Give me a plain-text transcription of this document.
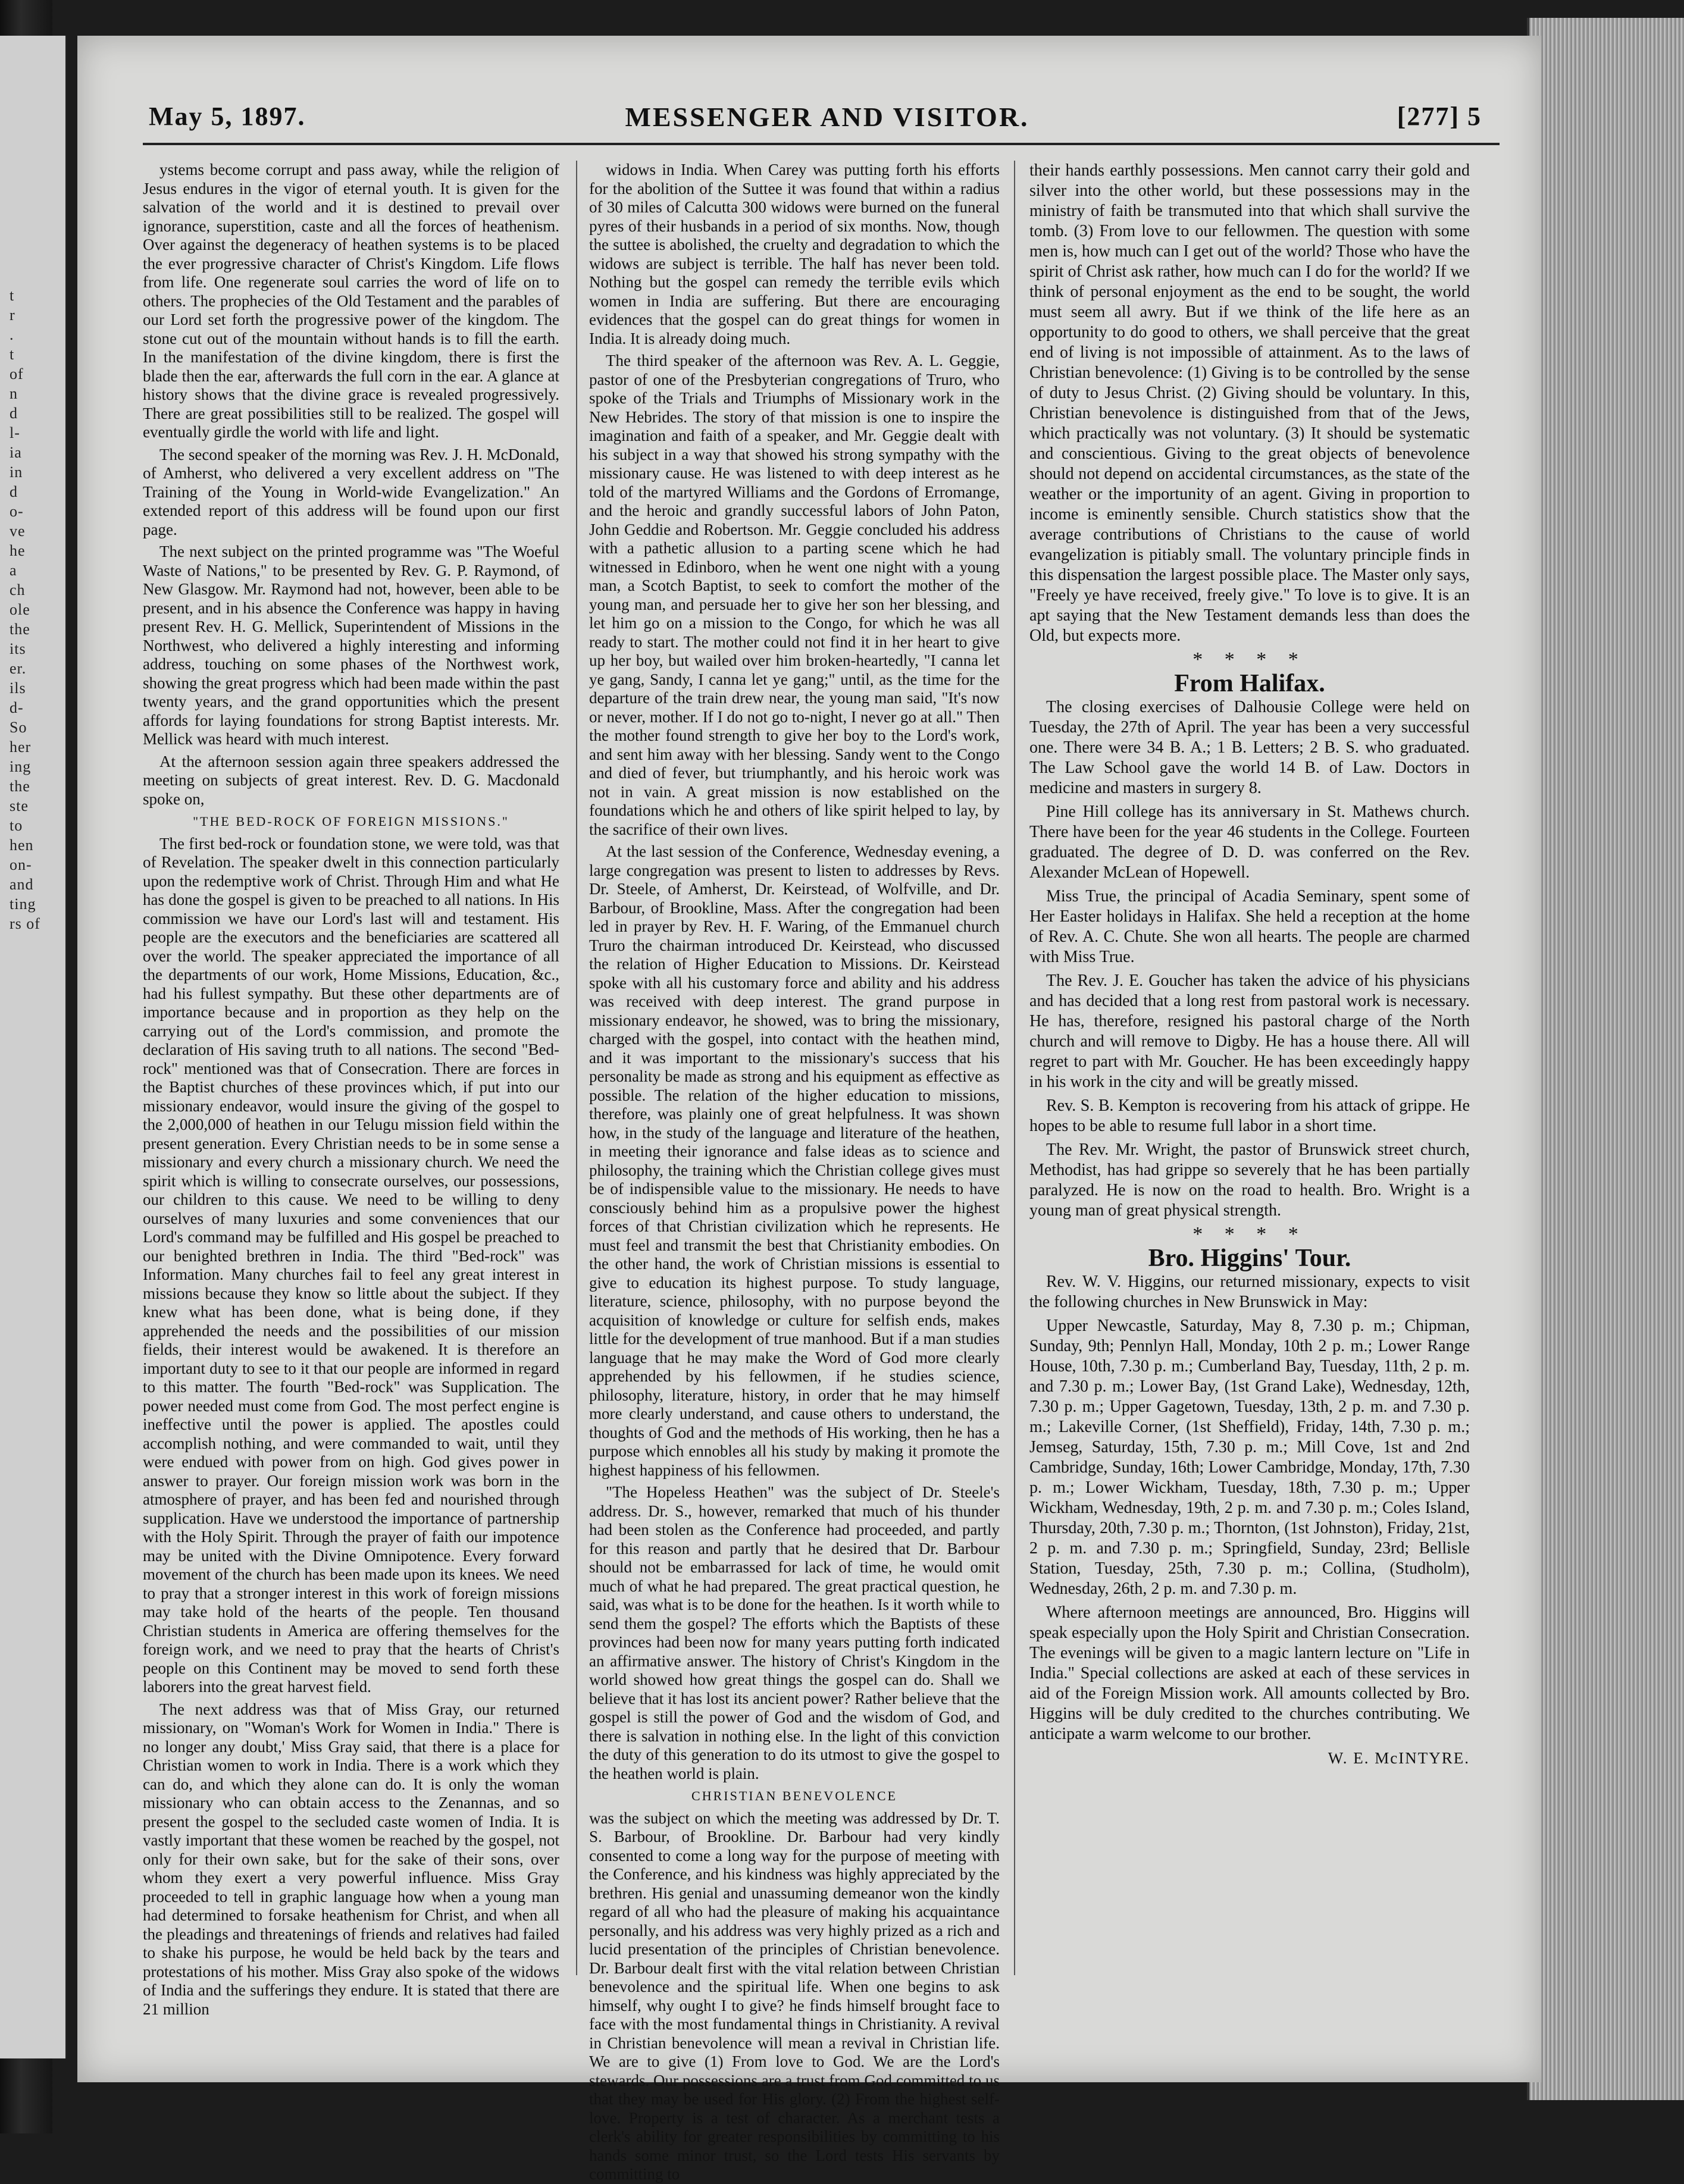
t
r
.
t
of
n
d
l-
ia
in
d
o-
ve
he
a
ch
ole
the
its
er.
ils
d-
So
her
ing
the
ste
to
hen
on-
and
ting
rs of
May 5, 1897.	MESSENGER AND VISITOR.	[277] 5

ystems become corrupt and pass away, while the religion of Jesus endures in the vigor of eternal youth. It is given for the salvation of the world and it is destined to prevail over ignorance, superstition, caste and all the forces of heathenism. Over against the degeneracy of heathen systems is to be placed the ever progressive character of Christ's Kingdom. Life flows from life. One regenerate soul carries the word of life on to others. The prophecies of the Old Testament and the parables of our Lord set forth the progressive power of the kingdom. The stone cut out of the mountain without hands is to fill the earth. In the manifestation of the divine kingdom, there is first the blade then the ear, afterwards the full corn in the ear. A glance at history shows that the divine grace is revealed progressively. There are great possibilities still to be realized. The gospel will eventually girdle the world with life and light.

The second speaker of the morning was Rev. J. H. McDonald, of Amherst, who delivered a very excellent address on "The Training of the Young in World-wide Evangelization." An extended report of this address will be found upon our first page.

The next subject on the printed programme was "The Woeful Waste of Nations," to be presented by Rev. G. P. Raymond, of New Glasgow. Mr. Raymond had not, however, been able to be present, and in his absence the Conference was happy in having present Rev. H. G. Mellick, Superintendent of Missions in the Northwest, who delivered a highly interesting and informing address, touching on some phases of the Northwest work, showing the great progress which had been made within the past twenty years, and the grand opportunities which the present affords for laying foundations for strong Baptist interests. Mr. Mellick was heard with much interest.

At the afternoon session again three speakers addressed the meeting on subjects of great interest. Rev. D. G. Macdonald spoke on,

"THE BED-ROCK OF FOREIGN MISSIONS."

The first bed-rock or foundation stone, we were told, was that of Revelation. The speaker dwelt in this connection particularly upon the redemptive work of Christ. Through Him and what He has done the gospel is given to be preached to all nations. In His commission we have our Lord's last will and testament. His people are the executors and the beneficiaries are scattered all over the world. The speaker appreciated the importance of all the departments of our work, Home Missions, Education, &c., had his fullest sympathy. But these other departments are of importance because and in proportion as they help on the carrying out of the Lord's commission, and promote the declaration of His saving truth to all nations. The second "Bed-rock" mentioned was that of Consecration. There are forces in the Baptist churches of these provinces which, if put into our missionary endeavor, would insure the giving of the gospel to the 2,000,000 of heathen in our Telugu mission field within the present generation. Every Christian needs to be in some sense a missionary and every church a missionary church. We need the spirit which is willing to consecrate ourselves, our possessions, our children to this cause. We need to be willing to deny ourselves of many luxuries and some conveniences that our Lord's command may be fulfilled and His gospel be preached to our benighted brethren in India. The third "Bed-rock" was Information. Many churches fail to feel any great interest in missions because they know so little about the subject. If they knew what has been done, what is being done, if they apprehended the needs and the possibilities of our mission fields, their interest would be awakened. It is therefore an important duty to see to it that our people are informed in regard to this matter. The fourth "Bed-rock" was Supplication. The power needed must come from God. The most perfect engine is ineffective until the power is applied. The apostles could accomplish nothing, and were commanded to wait, until they were endued with power from on high. God gives power in answer to prayer. Our foreign mission work was born in the atmosphere of prayer, and has been fed and nourished through supplication. Have we understood the importance of partnership with the Holy Spirit. Through the prayer of faith our impotence may be united with the Divine Omnipotence. Every forward movement of the church has been made upon its knees. We need to pray that a stronger interest in this work of foreign missions may take hold of the hearts of the people. Ten thousand Christian students in America are offering themselves for the foreign work, and we need to pray that the hearts of Christ's people on this Continent may be moved to send forth these laborers into the great harvest field.

The next address was that of Miss Gray, our returned missionary, on "Woman's Work for Women in India." There is no longer any doubt,' Miss Gray said, that there is a place for Christian women to work in India. There is a work which they can do, and which they alone can do. It is only the woman missionary who can obtain access to the Zenannas, and so present the gospel to the secluded caste women of India. It is vastly important that these women be reached by the gospel, not only for their own sake, but for the sake of their sons, over whom they exert a very powerful influence. Miss Gray proceeded to tell in graphic language how when a young man had determined to forsake heathenism for Christ, and when all the pleadings and threatenings of friends and relatives had failed to shake his purpose, he would be held back by the tears and protestations of his mother. Miss Gray also spoke of the widows of India and the sufferings they endure. It is stated that there are 21 million

widows in India. When Carey was putting forth his efforts for the abolition of the Suttee it was found that within a radius of 30 miles of Calcutta 300 widows were burned on the funeral pyres of their husbands in a period of six months. Now, though the suttee is abolished, the cruelty and degradation to which the widows are subject is terrible. The half has never been told. Nothing but the gospel can remedy the terrible evils which women in India are suffering. But there are encouraging evidences that the gospel can do great things for women in India. It is already doing much.

The third speaker of the afternoon was Rev. A. L. Geggie, pastor of one of the Presbyterian congregations of Truro, who spoke of the Trials and Triumphs of Missionary work in the New Hebrides. The story of that mission is one to inspire the imagination and faith of a speaker, and Mr. Geggie dealt with his subject in a way that showed his strong sympathy with the missionary cause. He was listened to with deep interest as he told of the martyred Williams and the Gordons of Erromange, and the heroic and grandly successful labors of John Paton, John Geddie and Robertson. Mr. Geggie concluded his address with a pathetic allusion to a parting scene which he had witnessed in Edinboro, when he went one night with a young man, a Scotch Baptist, to seek to comfort the mother of the young man, and persuade her to give her son her blessing, and let him go on a mission to the Congo, for which he was all ready to start. The mother could not find it in her heart to give up her boy, but wailed over him broken-heartedly, "I canna let ye gang, Sandy, I canna let ye gang;" until, as the time for the departure of the train drew near, the young man said, "It's now or never, mother. If I do not go to-night, I never go at all." Then the mother found strength to give her boy to the Lord's work, and sent him away with her blessing. Sandy went to the Congo and died of fever, but triumphantly, and his heroic work was not in vain. A great mission is now established on the foundations which he and others of like spirit helped to lay, by the sacrifice of their own lives.

At the last session of the Conference, Wednesday evening, a large congregation was present to listen to addresses by Revs. Dr. Steele, of Amherst, Dr. Keirstead, of Wolfville, and Dr. Barbour, of Brookline, Mass. After the congregation had been led in prayer by Rev. H. F. Waring, of the Emmanuel church Truro the chairman introduced Dr. Keirstead, who discussed the relation of Higher Education to Missions. Dr. Keirstead spoke with all his customary force and ability and his address was received with deep interest. The grand purpose in missionary endeavor, he showed, was to bring the missionary, charged with the gospel, into contact with the heathen mind, and it was important to the missionary's success that his personality be made as strong and his equipment as effective as possible. The relation of the higher education to missions, therefore, was plainly one of great helpfulness. It was shown how, in the study of the language and literature of the heathen, in meeting their ignorance and false ideas as to science and philosophy, the training which the Christian college gives must be of indispensible value to the missionary. He needs to have consciously behind him as a propulsive power the highest forces of that Christian civilization which he represents. He must feel and transmit the best that Christianity embodies. On the other hand, the work of Christian missions is essential to give to education its highest purpose. To study language, literature, science, philosophy, with no purpose beyond the acquisition of knowledge or culture for selfish ends, makes little for the development of true manhood. But if a man studies language that he may make the Word of God more clearly apprehended by his fellowmen, if he studies science, philosophy, literature, history, in order that he may himself more clearly understand, and cause others to understand, the thoughts of God and the methods of His working, then he has a purpose which ennobles all his study by making it promote the highest happiness of his fellowmen.

"The Hopeless Heathen" was the subject of Dr. Steele's address. Dr. S., however, remarked that much of his thunder had been stolen as the Conference had proceeded, and partly for this reason and partly that he desired that Dr. Barbour should not be embarrassed for lack of time, he would omit much of what he had prepared. The great practical question, he said, was what is to be done for the heathen. Is it worth while to send them the gospel? The efforts which the Baptists of these provinces had been now for many years putting forth indicated an affirmative answer. The history of Christ's Kingdom in the world showed how great things the gospel can do. Shall we believe that it has lost its ancient power? Rather believe that the gospel is still the power of God and the wisdom of God, and there is salvation in nothing else. In the light of this conviction the duty of this generation to do its utmost to give the gospel to the heathen world is plain.

CHRISTIAN BENEVOLENCE

was the subject on which the meeting was addressed by Dr. T. S. Barbour, of Brookline. Dr. Barbour had very kindly consented to come a long way for the purpose of meeting with the Conference, and his kindness was highly appreciated by the brethren. His genial and unassuming demeanor won the kindly regard of all who had the pleasure of making his acquaintance personally, and his address was very highly prized as a rich and lucid presentation of the principles of Christian benevolence. Dr. Barbour dealt first with the vital relation between Christian benevolence and the spiritual life. When one begins to ask himself, why ought I to give? he finds himself brought face to face with the most fundamental things in Christianity. A revival in Christian benevolence will mean a revival in Christian life. We are to give (1) From love to God. We are the Lord's stewards. Our possessions are a trust from God committed to us that they may be used for His glory. (2) From the highest self-love. Property is a test of character. As a merchant tests a clerk's ability for greater responsibilities by committing to his hands some minor trust, so the Lord tests His servants by committing to

their hands earthly possessions. Men cannot carry their gold and silver into the other world, but these possessions may in the ministry of faith be transmuted into that which shall survive the tomb. (3) From love to our fellowmen. The question with some men is, how much can I get out of the world? Those who have the spirit of Christ ask rather, how much can I do for the world? If we think of personal enjoyment as the end to be sought, the world must seem all awry. But if we think of the life here as an opportunity to do good to others, we shall perceive that the great end of living is not impossible of attainment. As to the laws of Christian benevolence: (1) Giving is to be controlled by the sense of duty to Jesus Christ. (2) Giving should be voluntary. In this, Christian benevolence is distinguished from that of the Jews, which practically was not voluntary. (3) It should be systematic and conscientious. Giving to the great objects of benevolence should not depend on accidental circumstances, as the state of the weather or the importunity of an agent. Giving in proportion to income is eminently sensible. Church statistics show that the average contributions of Christians to the cause of world evangelization is pitiably small. The voluntary principle finds in this dispensation the largest possible place. The Master only says, "Freely ye have received, freely give." To love is to give. It is an apt saying that the New Testament demands less than does the Old, but expects more.

* * * *

From Halifax.

The closing exercises of Dalhousie College were held on Tuesday, the 27th of April. The year has been a very successful one. There were 34 B. A.; 1 B. Letters; 2 B. S. who graduated. The Law School gave the world 14 B. of Law. Doctors in medicine and masters in surgery 8.

Pine Hill college has its anniversary in St. Mathews church. There have been for the year 46 students in the College. Fourteen graduated. The degree of D. D. was conferred on the Rev. Alexander McLean of Hopewell.

Miss True, the principal of Acadia Seminary, spent some of Her Easter holidays in Halifax. She held a reception at the home of Rev. A. C. Chute. She won all hearts. The people are charmed with Miss True.

The Rev. J. E. Goucher has taken the advice of his physicians and has decided that a long rest from pastoral work is necessary. He has, therefore, resigned his pastoral charge of the North church and will remove to Digby. He has a house there. All will regret to part with Mr. Goucher. He has been exceedingly happy in his work in the city and will be greatly missed.

Rev. S. B. Kempton is recovering from his attack of grippe. He hopes to be able to resume full labor in a short time.

The Rev. Mr. Wright, the pastor of Brunswick street church, Methodist, has had grippe so severely that he has been partially paralyzed. He is now on the road to health. Bro. Wright is a young man of great physical strength.

* * * *

Bro. Higgins' Tour.

Rev. W. V. Higgins, our returned missionary, expects to visit the following churches in New Brunswick in May:

Upper Newcastle, Saturday, May 8, 7.30 p. m.; Chipman, Sunday, 9th; Pennlyn Hall, Monday, 10th 2 p. m.; Lower Range House, 10th, 7.30 p. m.; Cumberland Bay, Tuesday, 11th, 2 p. m. and 7.30 p. m.; Lower Bay, (1st Grand Lake), Wednesday, 12th, 7.30 p. m.; Upper Gagetown, Tuesday, 13th, 2 p. m. and 7.30 p. m.; Lakeville Corner, (1st Sheffield), Friday, 14th, 7.30 p. m.; Jemseg, Saturday, 15th, 7.30 p. m.; Mill Cove, 1st and 2nd Cambridge, Sunday, 16th; Lower Cambridge, Monday, 17th, 7.30 p. m.; Lower Wickham, Tuesday, 18th, 7.30 p. m.; Upper Wickham, Wednesday, 19th, 2 p. m. and 7.30 p. m.; Coles Island, Thursday, 20th, 7.30 p. m.; Thornton, (1st Johnston), Friday, 21st, 2 p. m. and 7.30 p. m.; Springfield, Sunday, 23rd; Bellisle Station, Tuesday, 25th, 7.30 p. m.; Collina, (Studholm), Wednesday, 26th, 2 p. m. and 7.30 p. m.

Where afternoon meetings are announced, Bro. Higgins will speak especially upon the Holy Spirit and Christian Consecration. The evenings will be given to a magic lantern lecture on "Life in India." Special collections are asked at each of these services in aid of the Foreign Mission work. All amounts collected by Bro. Higgins will be duly credited to the churches contributing. We anticipate a warm welcome to our brother.

W. E. McINTYRE.
